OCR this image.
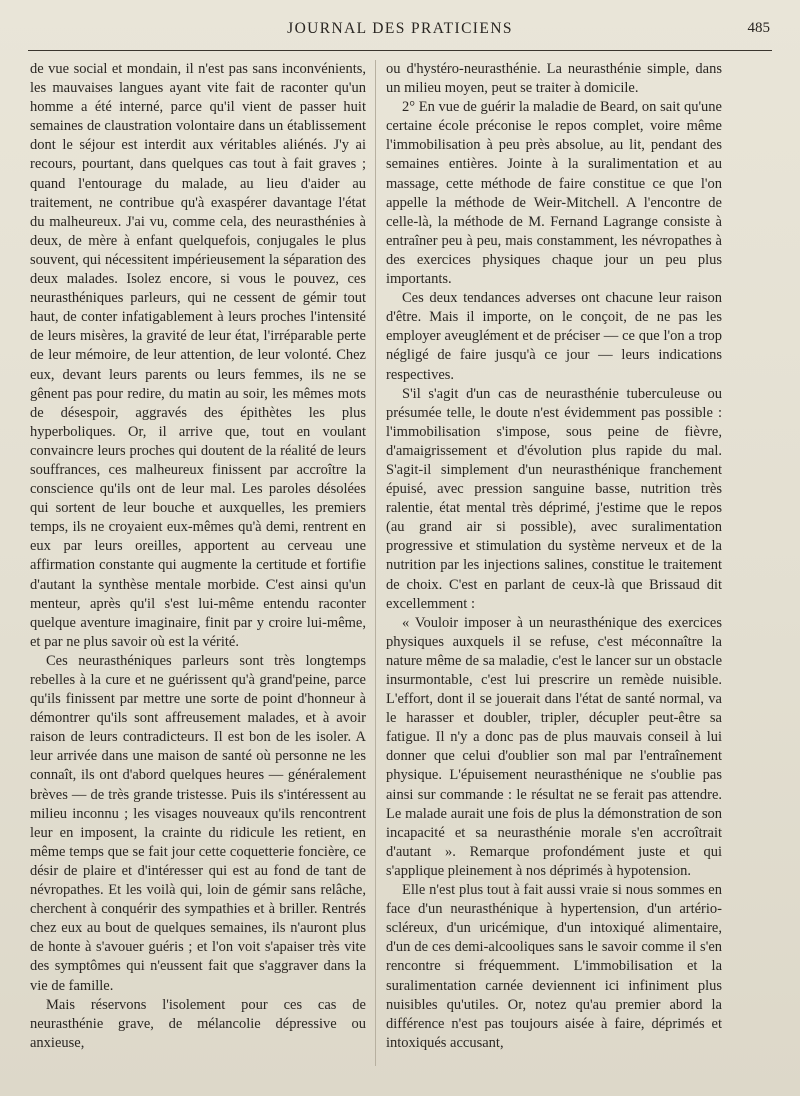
JOURNAL DES PRATICIENS	485

de vue social et mondain, il n'est pas sans inconvénients, les mauvaises langues ayant vite fait de raconter qu'un homme a été interné, parce qu'il vient de passer huit semaines de claustration volontaire dans un établissement dont le séjour est interdit aux véritables aliénés. J'y ai recours, pourtant, dans quelques cas tout à fait graves ; quand l'entourage du malade, au lieu d'aider au traitement, ne contribue qu'à exaspérer davantage l'état du malheureux. J'ai vu, comme cela, des neurasthénies à deux, de mère à enfant quelquefois, conjugales le plus souvent, qui nécessitent impérieusement la séparation des deux malades. Isolez encore, si vous le pouvez, ces neurasthéniques parleurs, qui ne cessent de gémir tout haut, de conter infatigablement à leurs proches l'intensité de leurs misères, la gravité de leur état, l'irréparable perte de leur mémoire, de leur attention, de leur volonté. Chez eux, devant leurs parents ou leurs femmes, ils ne se gênent pas pour redire, du matin au soir, les mêmes mots de désespoir, aggravés des épithètes les plus hyperboliques. Or, il arrive que, tout en voulant convaincre leurs proches qui doutent de la réalité de leurs souffrances, ces malheureux finissent par accroître la conscience qu'ils ont de leur mal. Les paroles désolées qui sortent de leur bouche et auxquelles, les premiers temps, ils ne croyaient eux-mêmes qu'à demi, rentrent en eux par leurs oreilles, apportent au cerveau une affirmation constante qui augmente la certitude et fortifie d'autant la synthèse mentale morbide. C'est ainsi qu'un menteur, après qu'il s'est lui-même entendu raconter quelque aventure imaginaire, finit par y croire lui-même, et par ne plus savoir où est la vérité.

Ces neurasthéniques parleurs sont très longtemps rebelles à la cure et ne guérissent qu'à grand'peine, parce qu'ils finissent par mettre une sorte de point d'honneur à démontrer qu'ils sont affreusement malades, et à avoir raison de leurs contradicteurs. Il est bon de les isoler. A leur arrivée dans une maison de santé où personne ne les connaît, ils ont d'abord quelques heures — généralement brèves — de très grande tristesse. Puis ils s'intéressent au milieu inconnu ; les visages nouveaux qu'ils rencontrent leur en imposent, la crainte du ridicule les retient, en même temps que se fait jour cette coquetterie foncière, ce désir de plaire et d'intéresser qui est au fond de tant de névropathes. Et les voilà qui, loin de gémir sans relâche, cherchent à conquérir des sympathies et à briller. Rentrés chez eux au bout de quelques semaines, ils n'auront plus de honte à s'avouer guéris ; et l'on voit s'apaiser très vite des symptômes qui n'eussent fait que s'aggraver dans la vie de famille.

Mais réservons l'isolement pour ces cas de neurasthénie grave, de mélancolie dépressive ou anxieuse,

ou d'hystéro-neurasthénie. La neurasthénie simple, dans un milieu moyen, peut se traiter à domicile.

2° En vue de guérir la maladie de Beard, on sait qu'une certaine école préconise le repos complet, voire même l'immobilisation à peu près absolue, au lit, pendant des semaines entières. Jointe à la suralimentation et au massage, cette méthode de faire constitue ce que l'on appelle la méthode de Weir-Mitchell. A l'encontre de celle-là, la méthode de M. Fernand Lagrange consiste à entraîner peu à peu, mais constamment, les névropathes à des exercices physiques chaque jour un peu plus importants.

Ces deux tendances adverses ont chacune leur raison d'être. Mais il importe, on le conçoit, de ne pas les employer aveuglément et de préciser — ce que l'on a trop négligé de faire jusqu'à ce jour — leurs indications respectives.

S'il s'agit d'un cas de neurasthénie tuberculeuse ou présumée telle, le doute n'est évidemment pas possible : l'immobilisation s'impose, sous peine de fièvre, d'amaigrissement et d'évolution plus rapide du mal. S'agit-il simplement d'un neurasthénique franchement épuisé, avec pression sanguine basse, nutrition très ralentie, état mental très déprimé, j'estime que le repos (au grand air si possible), avec suralimentation progressive et stimulation du système nerveux et de la nutrition par les injections salines, constitue le traitement de choix. C'est en parlant de ceux-là que Brissaud dit excellemment :

« Vouloir imposer à un neurasthénique des exercices physiques auxquels il se refuse, c'est méconnaître la nature même de sa maladie, c'est le lancer sur un obstacle insurmontable, c'est lui prescrire un remède nuisible. L'effort, dont il se jouerait dans l'état de santé normal, va le harasser et doubler, tripler, décupler peut-être sa fatigue. Il n'y a donc pas de plus mauvais conseil à lui donner que celui d'oublier son mal par l'entraînement physique. L'épuisement neurasthénique ne s'oublie pas ainsi sur commande : le résultat ne se ferait pas attendre. Le malade aurait une fois de plus la démonstration de son incapacité et sa neurasthénie morale s'en accroîtrait d'autant ». Remarque profondément juste et qui s'applique pleinement à nos déprimés à hypotension.

Elle n'est plus tout à fait aussi vraie si nous sommes en face d'un neurasthénique à hypertension, d'un artério-scléreux, d'un uricémique, d'un intoxiqué alimentaire, d'un de ces demi-alcooliques sans le savoir comme il s'en rencontre si fréquemment. L'immobilisation et la suralimentation carnée deviennent ici infiniment plus nuisibles qu'utiles. Or, notez qu'au premier abord la différence n'est pas toujours aisée à faire, déprimés et intoxiqués accusant,
